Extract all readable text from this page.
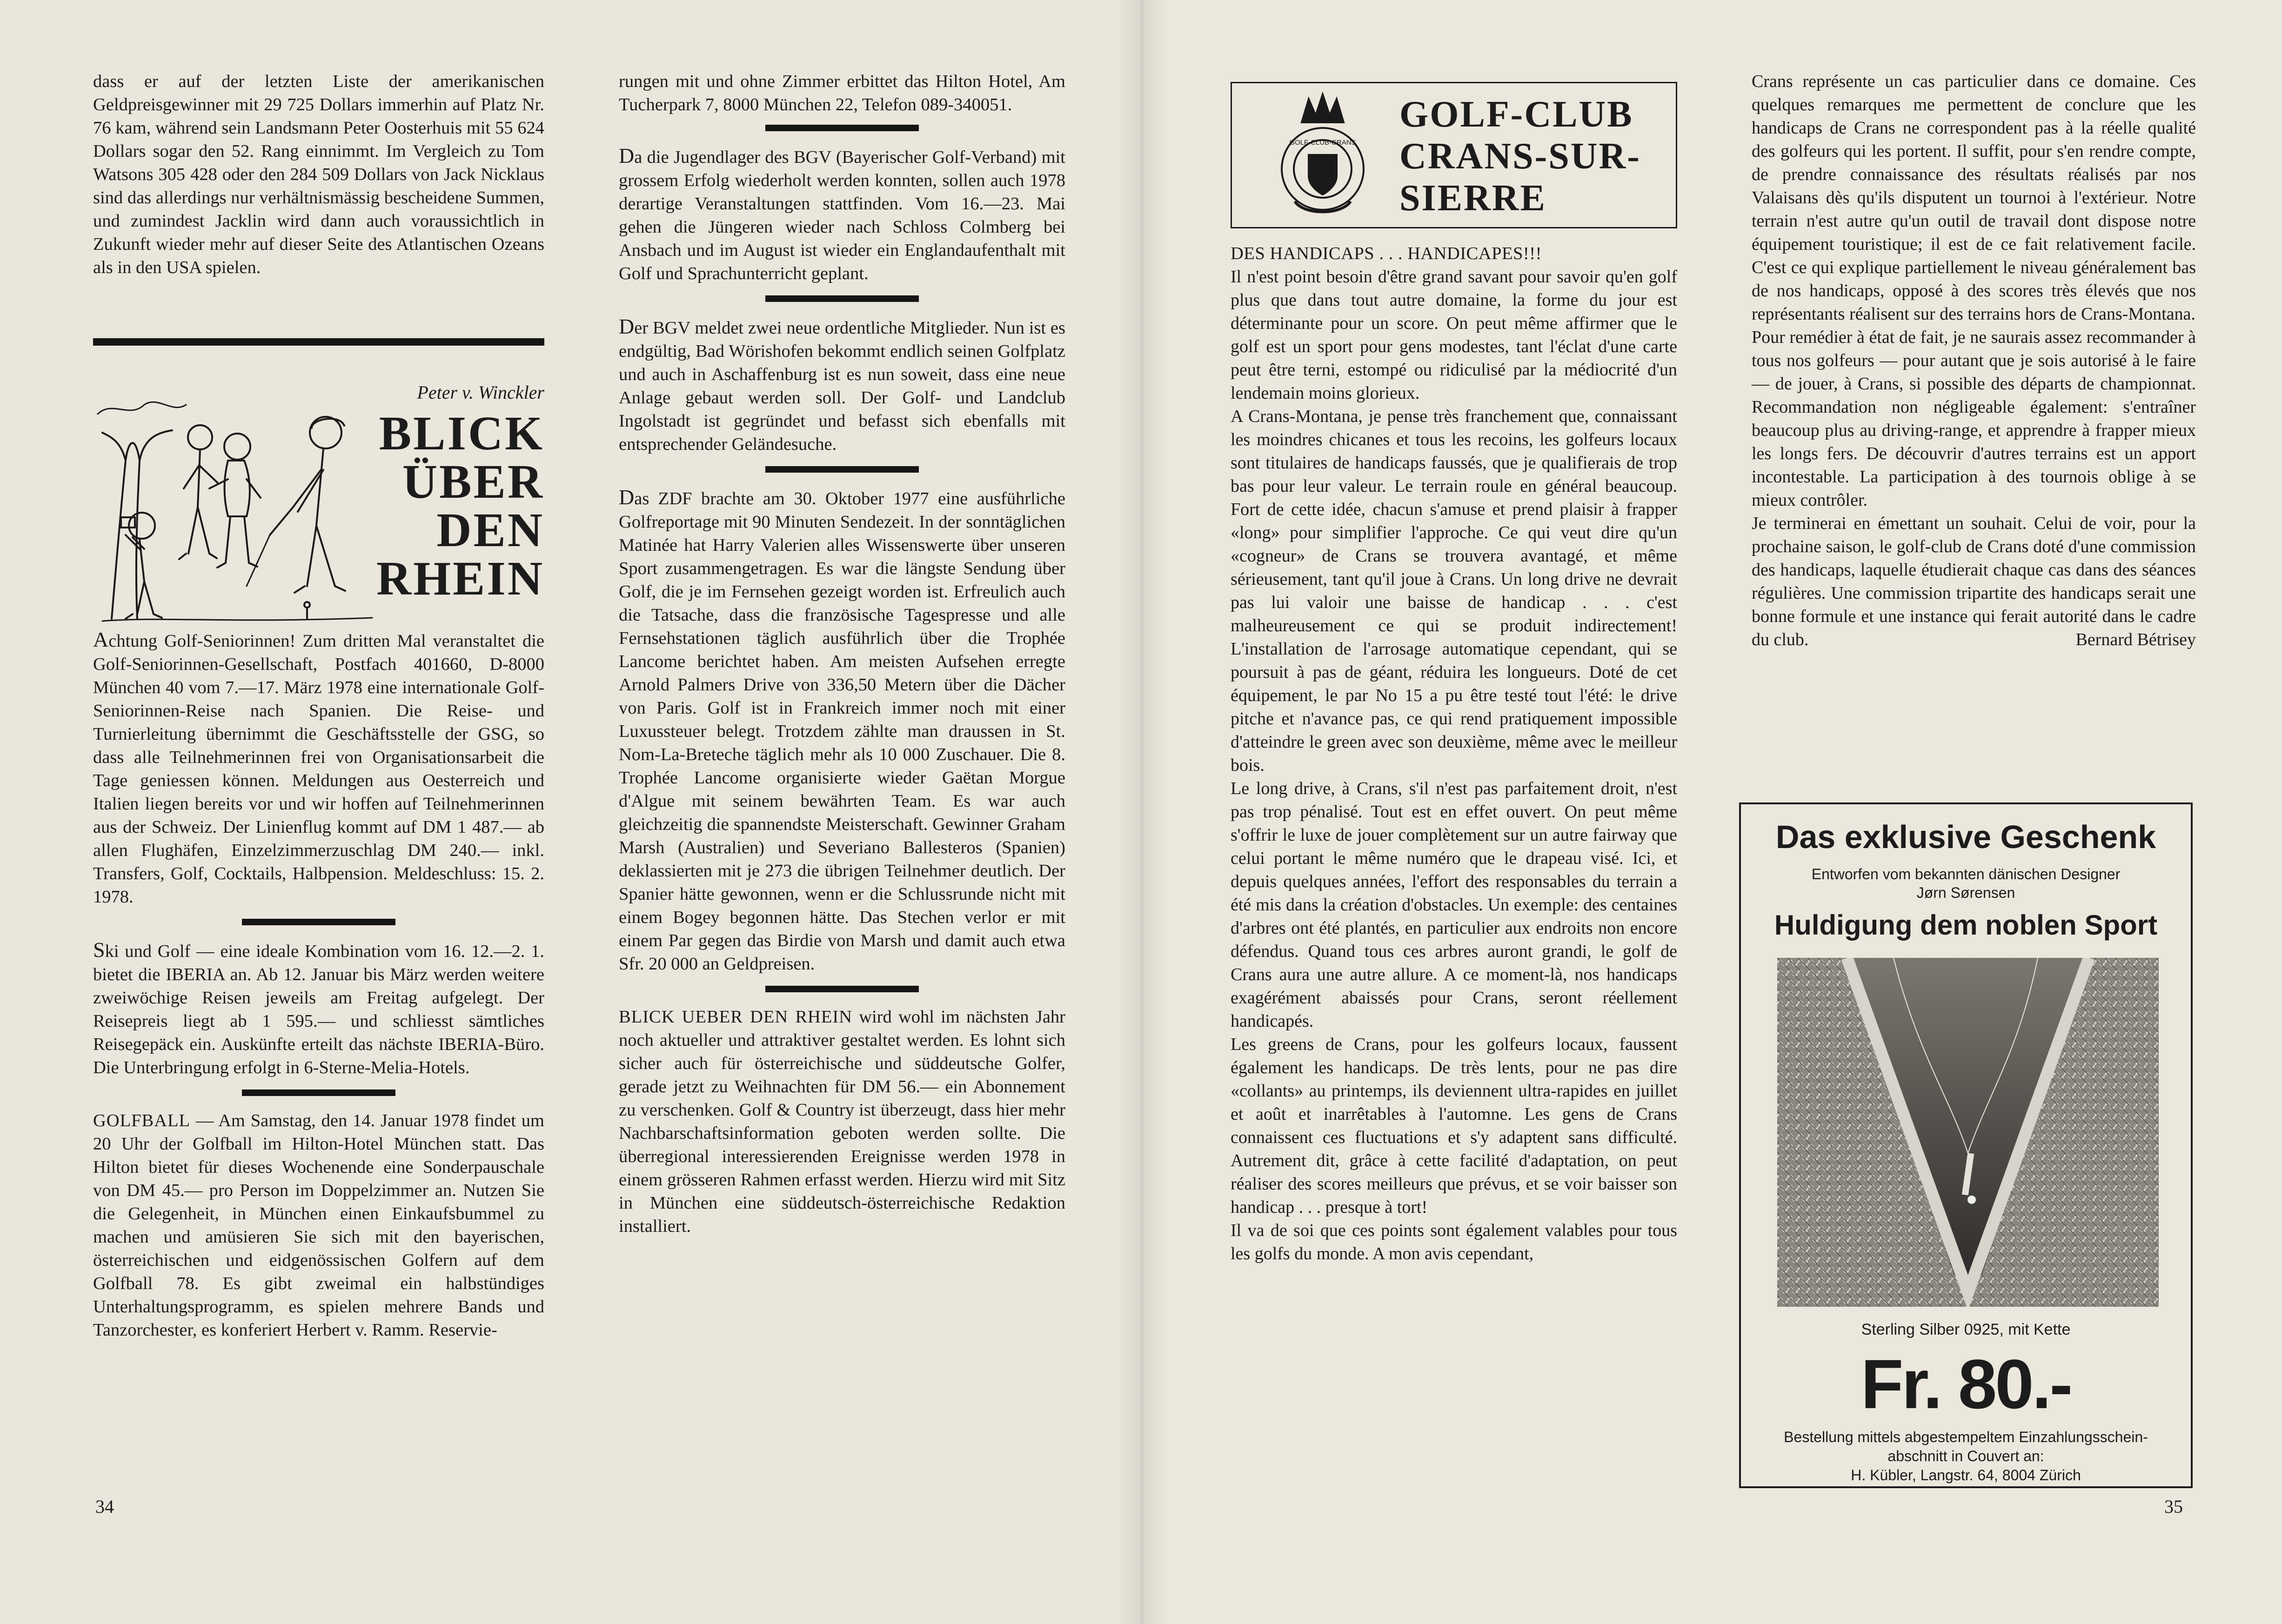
dass er auf der letzten Liste der amerikanischen Geldpreisgewinner mit 29 725 Dollars immerhin auf Platz Nr. 76 kam, während sein Landsmann Peter Oosterhuis mit 55 624 Dollars sogar den 52. Rang einnimmt. Im Vergleich zu Tom Watsons 305 428 oder den 284 509 Dollars von Jack Nicklaus sind das allerdings nur verhältnismässig bescheidene Summen, und zumindest Jacklin wird dann auch voraussichtlich in Zukunft wieder mehr auf dieser Seite des Atlantischen Ozeans als in den USA spielen.

Peter v. Winckler
BLICK
ÜBER
DEN
RHEIN

Achtung Golf-Seniorinnen! Zum dritten Mal veranstaltet die Golf-Seniorinnen-Gesellschaft, Postfach 401660, D-8000 München 40 vom 7.—17. März 1978 eine internationale Golf-Seniorinnen-Reise nach Spanien. Die Reise- und Turnierleitung übernimmt die Geschäftsstelle der GSG, so dass alle Teilnehmerinnen frei von Organisationsarbeit die Tage geniessen können. Meldungen aus Oesterreich und Italien liegen bereits vor und wir hoffen auf Teilnehmerinnen aus der Schweiz. Der Linienflug kommt auf DM 1 487.— ab allen Flughäfen, Einzelzimmerzuschlag DM 240.— inkl. Transfers, Golf, Cocktails, Halbpension. Meldeschluss: 15. 2. 1978.

Ski und Golf — eine ideale Kombination vom 16. 12.—2. 1. bietet die IBERIA an. Ab 12. Januar bis März werden weitere zweiwöchige Reisen jeweils am Freitag aufgelegt. Der Reisepreis liegt ab 1 595.— und schliesst sämtliches Reisegepäck ein. Auskünfte erteilt das nächste IBERIA-Büro. Die Unterbringung erfolgt in 6-Sterne-Melia-Hotels.

GOLFBALL — Am Samstag, den 14. Januar 1978 findet um 20 Uhr der Golfball im Hilton-Hotel München statt. Das Hilton bietet für dieses Wochenende eine Sonderpauschale von DM 45.— pro Person im Doppelzimmer an. Nutzen Sie die Gelegenheit, in München einen Einkaufsbummel zu machen und amüsieren Sie sich mit den bayerischen, österreichischen und eidgenössischen Golfern auf dem Golfball 78. Es gibt zweimal ein halbstündiges Unterhaltungsprogramm, es spielen mehrere Bands und Tanzorchester, es konferiert Herbert v. Ramm. Reservie-

rungen mit und ohne Zimmer erbittet das Hilton Hotel, Am Tucherpark 7, 8000 München 22, Telefon 089-340051.

Da die Jugendlager des BGV (Bayerischer Golf-Verband) mit grossem Erfolg wiederholt werden konnten, sollen auch 1978 derartige Veranstaltungen stattfinden. Vom 16.—23. Mai gehen die Jüngeren wieder nach Schloss Colmberg bei Ansbach und im August ist wieder ein Englandaufenthalt mit Golf und Sprachunterricht geplant.

Der BGV meldet zwei neue ordentliche Mitglieder. Nun ist es endgültig, Bad Wörishofen bekommt endlich seinen Golfplatz und auch in Aschaffenburg ist es nun soweit, dass eine neue Anlage gebaut werden soll. Der Golf- und Landclub Ingolstadt ist gegründet und befasst sich ebenfalls mit entsprechender Geländesuche.

Das ZDF brachte am 30. Oktober 1977 eine ausführliche Golfreportage mit 90 Minuten Sendezeit. In der sonntäglichen Matinée hat Harry Valerien alles Wissenswerte über unseren Sport zusammengetragen. Es war die längste Sendung über Golf, die je im Fernsehen gezeigt worden ist. Erfreulich auch die Tatsache, dass die französische Tagespresse und alle Fernsehstationen täglich ausführlich über die Trophée Lancome berichtet haben. Am meisten Aufsehen erregte Arnold Palmers Drive von 336,50 Metern über die Dächer von Paris. Golf ist in Frankreich immer noch mit einer Luxussteuer belegt. Trotzdem zählte man draussen in St. Nom-La-Breteche täglich mehr als 10 000 Zuschauer. Die 8. Trophée Lancome organisierte wieder Gaëtan Morgue d'Algue mit seinem bewährten Team. Es war auch gleichzeitig die spannendste Meisterschaft. Gewinner Graham Marsh (Australien) und Severiano Ballesteros (Spanien) deklassierten mit je 273 die übrigen Teilnehmer deutlich. Der Spanier hätte gewonnen, wenn er die Schlussrunde nicht mit einem Bogey begonnen hätte. Das Stechen verlor er mit einem Par gegen das Birdie von Marsh und damit auch etwa Sfr. 20 000 an Geldpreisen.

BLICK UEBER DEN RHEIN wird wohl im nächsten Jahr noch aktueller und attraktiver gestaltet werden. Es lohnt sich sicher auch für österreichische und süddeutsche Golfer, gerade jetzt zu Weihnachten für DM 56.— ein Abonnement zu verschenken. Golf & Country ist überzeugt, dass hier mehr Nachbarschaftsinformation geboten werden sollte. Die überregional interessierenden Ereignisse werden 1978 in einem grösseren Rahmen erfasst werden. Hierzu wird mit Sitz in München eine süddeutsch-österreichische Redaktion installiert.

34
GOLF-CLUB-CRANS
GOLF-CLUB
CRANS-SUR-
SIERRE

DES HANDICAPS . . . HANDICAPES!!!

Il n'est point besoin d'être grand savant pour savoir qu'en golf plus que dans tout autre domaine, la forme du jour est déterminante pour un score. On peut même affirmer que le golf est un sport pour gens modestes, tant l'éclat d'une carte peut être terni, estompé ou ridiculisé par la médiocrité d'un lendemain moins glorieux.

A Crans-Montana, je pense très franchement que, connaissant les moindres chicanes et tous les recoins, les golfeurs locaux sont titulaires de handicaps faussés, que je qualifierais de trop bas pour leur valeur. Le terrain roule en général beaucoup. Fort de cette idée, chacun s'amuse et prend plaisir à frapper «long» pour simplifier l'approche. Ce qui veut dire qu'un «cogneur» de Crans se trouvera avantagé, et même sérieusement, tant qu'il joue à Crans. Un long drive ne devrait pas lui valoir une baisse de handicap . . . c'est malheureusement ce qui se produit indirectement! L'installation de l'arrosage automatique cependant, qui se poursuit à pas de géant, réduira les longueurs. Doté de cet équipement, le par No 15 a pu être testé tout l'été: le drive pitche et n'avance pas, ce qui rend pratiquement impossible d'atteindre le green avec son deuxième, même avec le meilleur bois.

Le long drive, à Crans, s'il n'est pas parfaitement droit, n'est pas trop pénalisé. Tout est en effet ouvert. On peut même s'offrir le luxe de jouer complètement sur un autre fairway que celui portant le même numéro que le drapeau visé. Ici, et depuis quelques années, l'effort des responsables du terrain a été mis dans la création d'obstacles. Un exemple: des centaines d'arbres ont été plantés, en particulier aux endroits non encore défendus. Quand tous ces arbres auront grandi, le golf de Crans aura une autre allure. A ce moment-là, nos handicaps exagérément abaissés pour Crans, seront réellement handicapés.

Les greens de Crans, pour les golfeurs locaux, faussent également les handicaps. De très lents, pour ne pas dire «collants» au printemps, ils deviennent ultra-rapides en juillet et août et inarrêtables à l'automne. Les gens de Crans connaissent ces fluctuations et s'y adaptent sans difficulté. Autrement dit, grâce à cette facilité d'adaptation, on peut réaliser des scores meilleurs que prévus, et se voir baisser son handicap . . . presque à tort!

Il va de soi que ces points sont également valables pour tous les golfs du monde. A mon avis cependant,

Crans représente un cas particulier dans ce domaine. Ces quelques remarques me permettent de conclure que les handicaps de Crans ne correspondent pas à la réelle qualité des golfeurs qui les portent. Il suffit, pour s'en rendre compte, de prendre connaissance des résultats réalisés par nos Valaisans dès qu'ils disputent un tournoi à l'extérieur. Notre terrain n'est autre qu'un outil de travail dont dispose notre équipement touristique; il est de ce fait relativement facile. C'est ce qui explique partiellement le niveau généralement bas de nos handicaps, opposé à des scores très élevés que nos représentants réalisent sur des terrains hors de Crans-Montana.

Pour remédier à état de fait, je ne saurais assez recommander à tous nos golfeurs — pour autant que je sois autorisé à le faire — de jouer, à Crans, si possible des départs de championnat. Recommandation non négligeable également: s'entraîner beaucoup plus au driving-range, et apprendre à frapper mieux les longs fers. De découvrir d'autres terrains est un apport incontestable. La participation à des tournois oblige à se mieux contrôler.

Je terminerai en émettant un souhait. Celui de voir, pour la prochaine saison, le golf-club de Crans doté d'une commission des handicaps, laquelle étudierait chaque cas dans des séances régulières. Une commission tripartite des handicaps serait une bonne formule et une instance qui ferait autorité dans le cadre du club.	Bernard Bétrisey

Das exklusive Geschenk
Entworfen vom bekannten dänischen Designer
Jørn Sørensen
Huldigung dem noblen Sport
Sterling Silber 0925, mit Kette
Fr. 80.-
Bestellung mittels abgestempeltem Einzahlungsschein-
abschnitt in Couvert an:
H. Kübler, Langstr. 64, 8004 Zürich
35
